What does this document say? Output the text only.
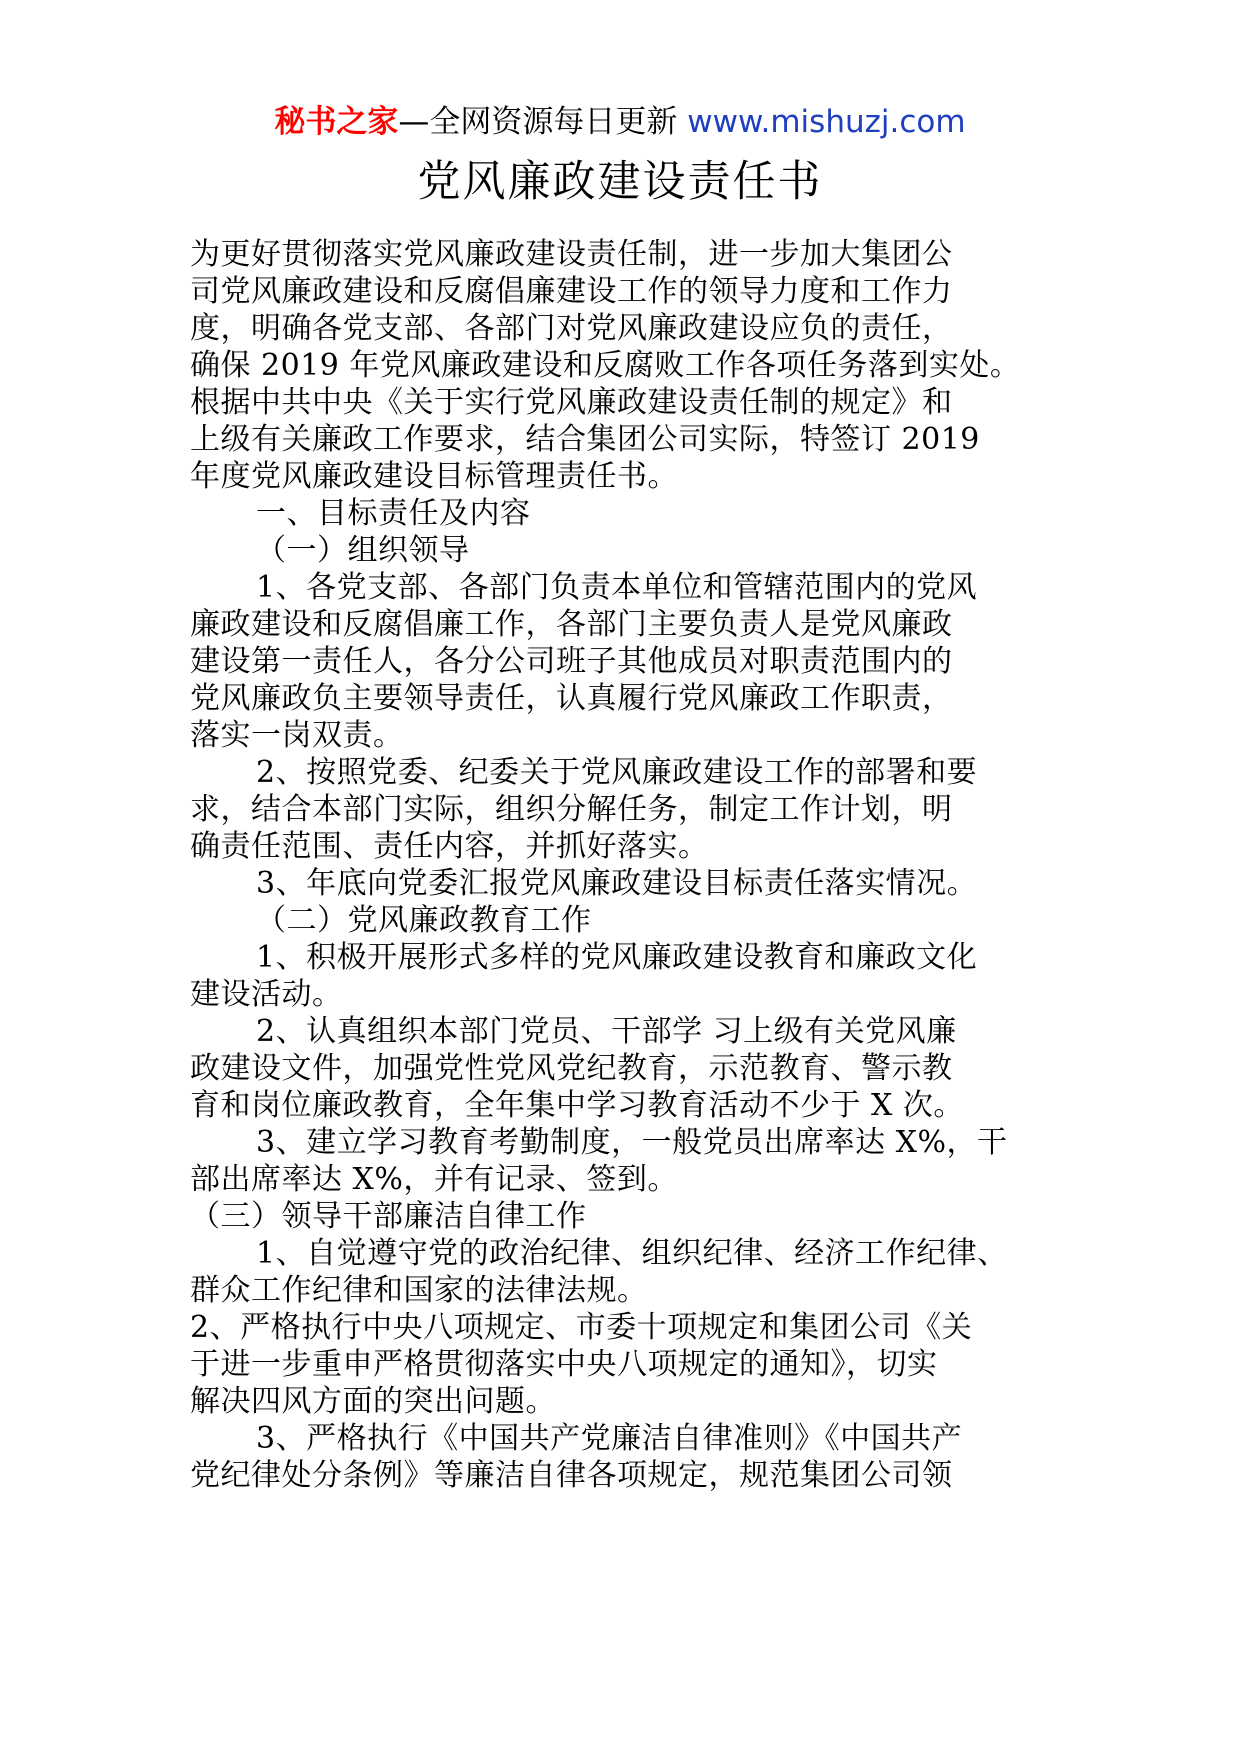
秘书之家—全网资源每日更新 www.mishuzj.com
党风廉政建设责任书
为更好贯彻落实党风廉政建设责任制，进一步加大集团公
司党风廉政建设和反腐倡廉建设工作的领导力度和工作力
度，明确各党支部、各部门对党风廉政建设应负的责任，
确保 2019 年党风廉政建设和反腐败工作各项任务落到实处。
根据中共中央《关于实行党风廉政建设责任制的规定》和
上级有关廉政工作要求，结合集团公司实际，特签订 2019
年度党风廉政建设目标管理责任书。
一、目标责任及内容
（一）组织领导
1、各党支部、各部门负责本单位和管辖范围内的党风
廉政建设和反腐倡廉工作，各部门主要负责人是党风廉政
建设第一责任人，各分公司班子其他成员对职责范围内的
党风廉政负主要领导责任，认真履行党风廉政工作职责，
落实一岗双责。
2、按照党委、纪委关于党风廉政建设工作的部署和要
求，结合本部门实际，组织分解任务，制定工作计划，明
确责任范围、责任内容，并抓好落实。
3、年底向党委汇报党风廉政建设目标责任落实情况。
（二）党风廉政教育工作
1、积极开展形式多样的党风廉政建设教育和廉政文化
建设活动。
2、认真组织本部门党员、干部学 习上级有关党风廉
政建设文件，加强党性党风党纪教育，示范教育、警示教
育和岗位廉政教育，全年集中学习教育活动不少于 X 次。
3、建立学习教育考勤制度，一般党员出席率达 X%，干
部出席率达 X%，并有记录、签到。
（三）领导干部廉洁自律工作
1、自觉遵守党的政治纪律、组织纪律、经济工作纪律、
群众工作纪律和国家的法律法规。
2、严格执行中央八项规定、市委十项规定和集团公司《关
于进一步重申严格贯彻落实中央八项规定的通知》，切实
解决四风方面的突出问题。
3、严格执行《中国共产党廉洁自律准则》《中国共产
党纪律处分条例》等廉洁自律各项规定，规范集团公司领
